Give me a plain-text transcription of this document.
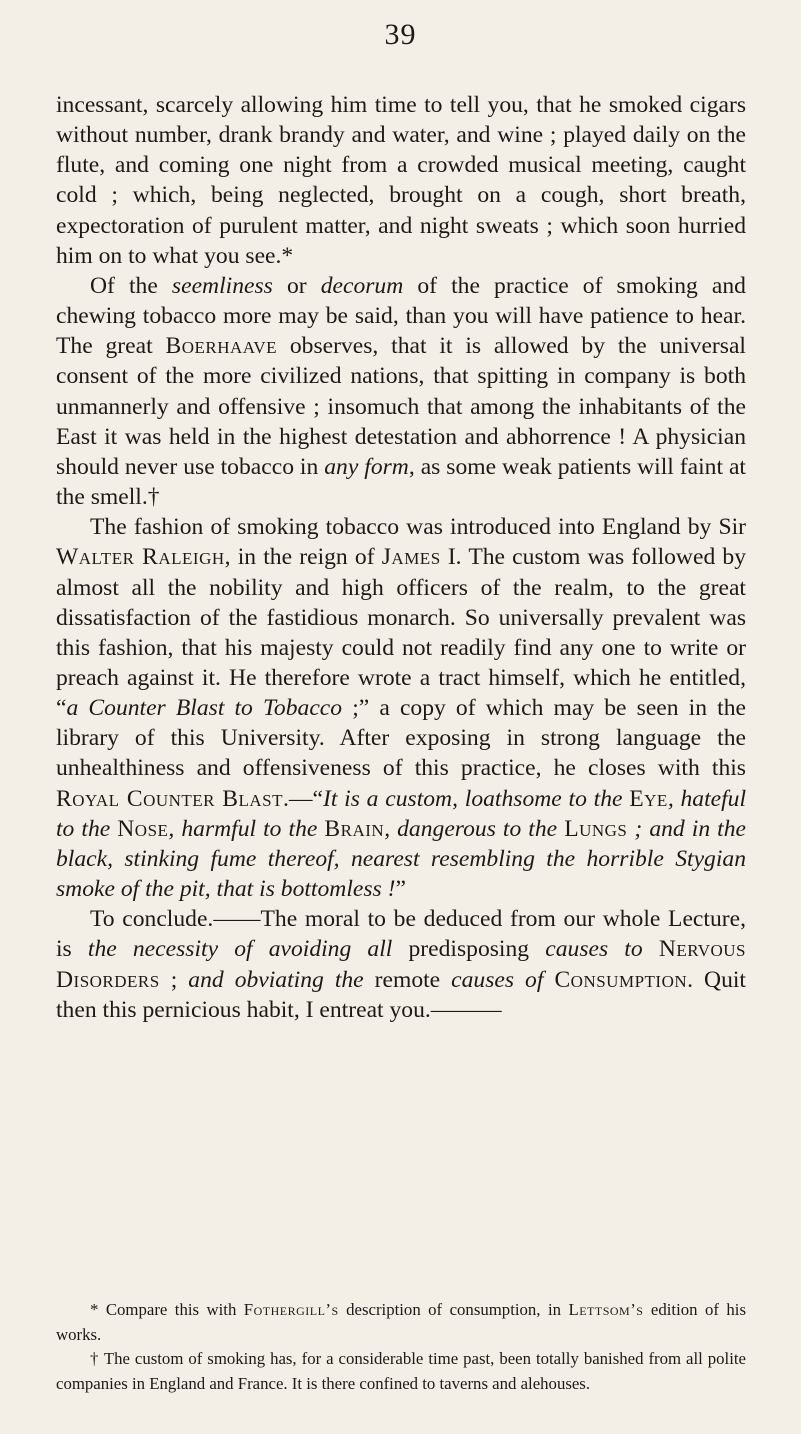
39

incessant, scarcely allowing him time to tell you, that he smoked cigars without number, drank brandy and water, and wine ; played daily on the flute, and coming one night from a crowded musical meeting, caught cold ; which, being neglected, brought on a cough, short breath, expectoration of purulent matter, and night sweats ; which soon hurried him on to what you see.*

Of the seemliness or decorum of the practice of smoking and chewing tobacco more may be said, than you will have patience to hear. The great Boerhaave observes, that it is allowed by the universal consent of the more civilized nations, that spitting in company is both unmannerly and offensive ; insomuch that among the inhabitants of the East it was held in the highest detestation and abhorrence ! A physician should never use tobacco in any form, as some weak patients will faint at the smell.†

The fashion of smoking tobacco was introduced into England by Sir Walter Raleigh, in the reign of James I. The custom was followed by almost all the nobility and high officers of the realm, to the great dissatisfaction of the fastidious monarch. So universally prevalent was this fashion, that his majesty could not readily find any one to write or preach against it. He therefore wrote a tract himself, which he entitled, “a Counter Blast to Tobacco ;” a copy of which may be seen in the library of this University. After exposing in strong language the unhealthiness and offensiveness of this practice, he closes with this Royal Counter Blast.—“It is a custom, loathsome to the Eye, hateful to the Nose, harmful to the Brain, dangerous to the Lungs ; and in the black, stinking fume thereof, nearest resembling the horrible Stygian smoke of the pit, that is bottomless !”

To conclude.——The moral to be deduced from our whole Lecture, is the necessity of avoiding all predisposing causes to Nervous Disorders ; and obviating the remote causes of Consumption. Quit then this pernicious habit, I entreat you.———

* Compare this with Fothergill’s description of consumption, in Lettsom’s edition of his works.

† The custom of smoking has, for a considerable time past, been totally banished from all polite companies in England and France. It is there confined to taverns and alehouses.
